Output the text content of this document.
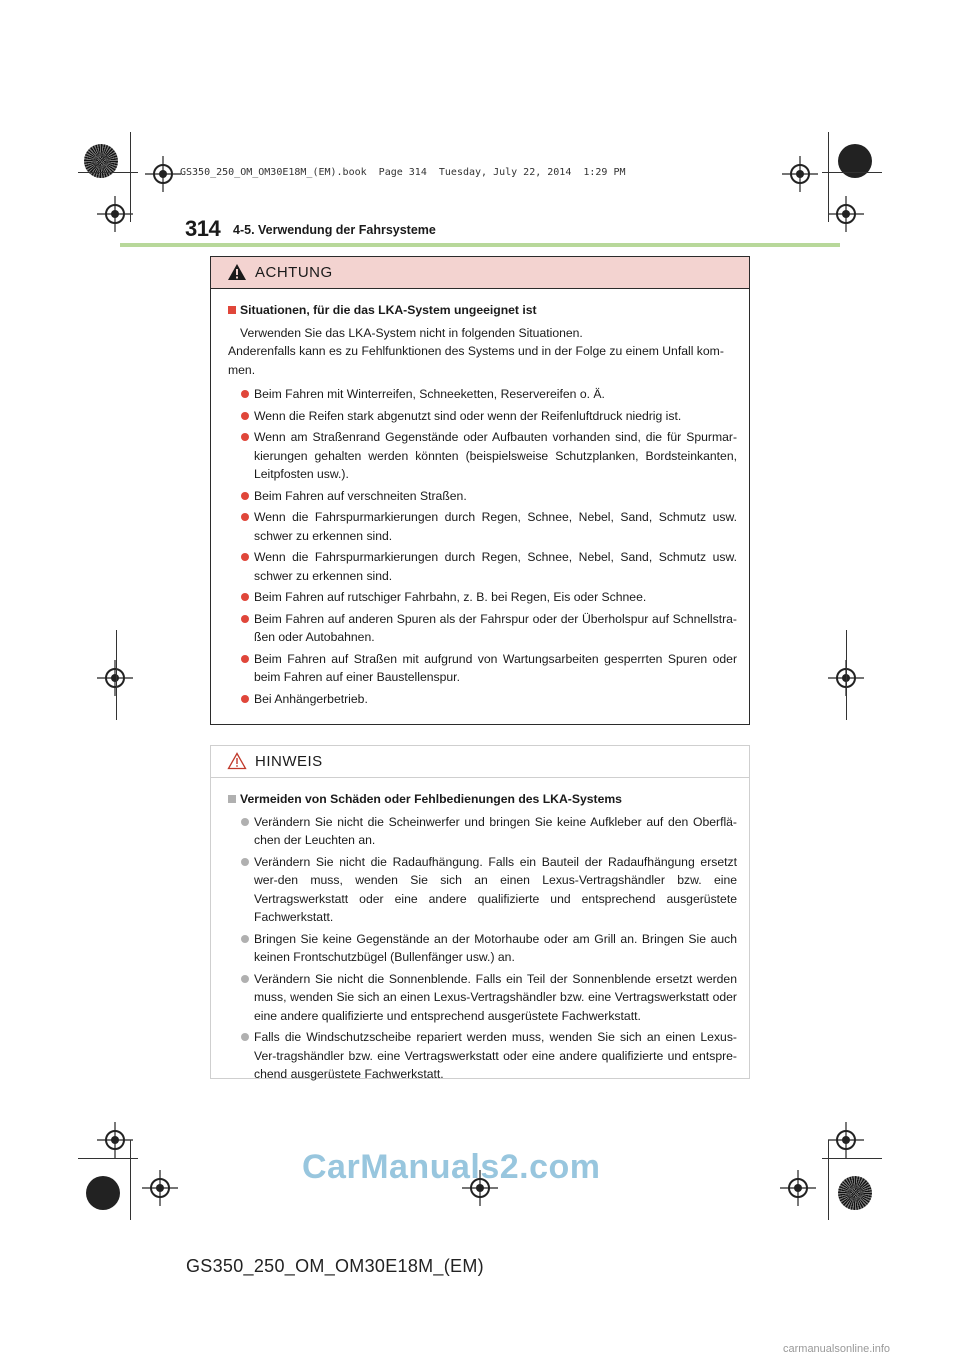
GS350_250_OM_OM30E18M_(EM).book  Page 314  Tuesday, July 22, 2014  1:29 PM
314 4-5. Verwendung der Fahrsysteme
ACHTUNG
Situationen, für die das LKA-System ungeeignet ist
Verwenden Sie das LKA-System nicht in folgenden Situationen.
Anderenfalls kann es zu Fehlfunktionen des Systems und in der Folge zu einem Unfall kom-men.
Beim Fahren mit Winterreifen, Schneeketten, Reservereifen o. Ä.
Wenn die Reifen stark abgenutzt sind oder wenn der Reifenluftdruck niedrig ist.
Wenn am Straßenrand Gegenstände oder Aufbauten vorhanden sind, die für Spurmar-kierungen gehalten werden könnten (beispielsweise Schutzplanken, Bordsteinkanten, Leitpfosten usw.).
Beim Fahren auf verschneiten Straßen.
Wenn die Fahrspurmarkierungen durch Regen, Schnee, Nebel, Sand, Schmutz usw. schwer zu erkennen sind.
Wenn die Fahrspurmarkierungen durch Regen, Schnee, Nebel, Sand, Schmutz usw. schwer zu erkennen sind.
Beim Fahren auf rutschiger Fahrbahn, z. B. bei Regen, Eis oder Schnee.
Beim Fahren auf anderen Spuren als der Fahrspur oder der Überholspur auf Schnellstra-ßen oder Autobahnen.
Beim Fahren auf Straßen mit aufgrund von Wartungsarbeiten gesperrten Spuren oder beim Fahren auf einer Baustellenspur.
Bei Anhängerbetrieb.
HINWEIS
Vermeiden von Schäden oder Fehlbedienungen des LKA-Systems
Verändern Sie nicht die Scheinwerfer und bringen Sie keine Aufkleber auf den Oberflä-chen der Leuchten an.
Verändern Sie nicht die Radaufhängung. Falls ein Bauteil der Radaufhängung ersetzt wer-den muss, wenden Sie sich an einen Lexus-Vertragshändler bzw. eine Vertragswerkstatt oder eine andere qualifizierte und entsprechend ausgerüstete Fachwerkstatt.
Bringen Sie keine Gegenstände an der Motorhaube oder am Grill an. Bringen Sie auch keinen Frontschutzbügel (Bullenfänger usw.) an.
Verändern Sie nicht die Sonnenblende. Falls ein Teil der Sonnenblende ersetzt werden muss, wenden Sie sich an einen Lexus-Vertragshändler bzw. eine Vertragswerkstatt oder eine andere qualifizierte und entsprechend ausgerüstete Fachwerkstatt.
Falls die Windschutzscheibe repariert werden muss, wenden Sie sich an einen Lexus-Ver-tragshändler bzw. eine Vertragswerkstatt oder eine andere qualifizierte und entspre-chend ausgerüstete Fachwerkstatt.
CarManuals2.com
GS350_250_OM_OM30E18M_(EM)
carmanualsonline.info
